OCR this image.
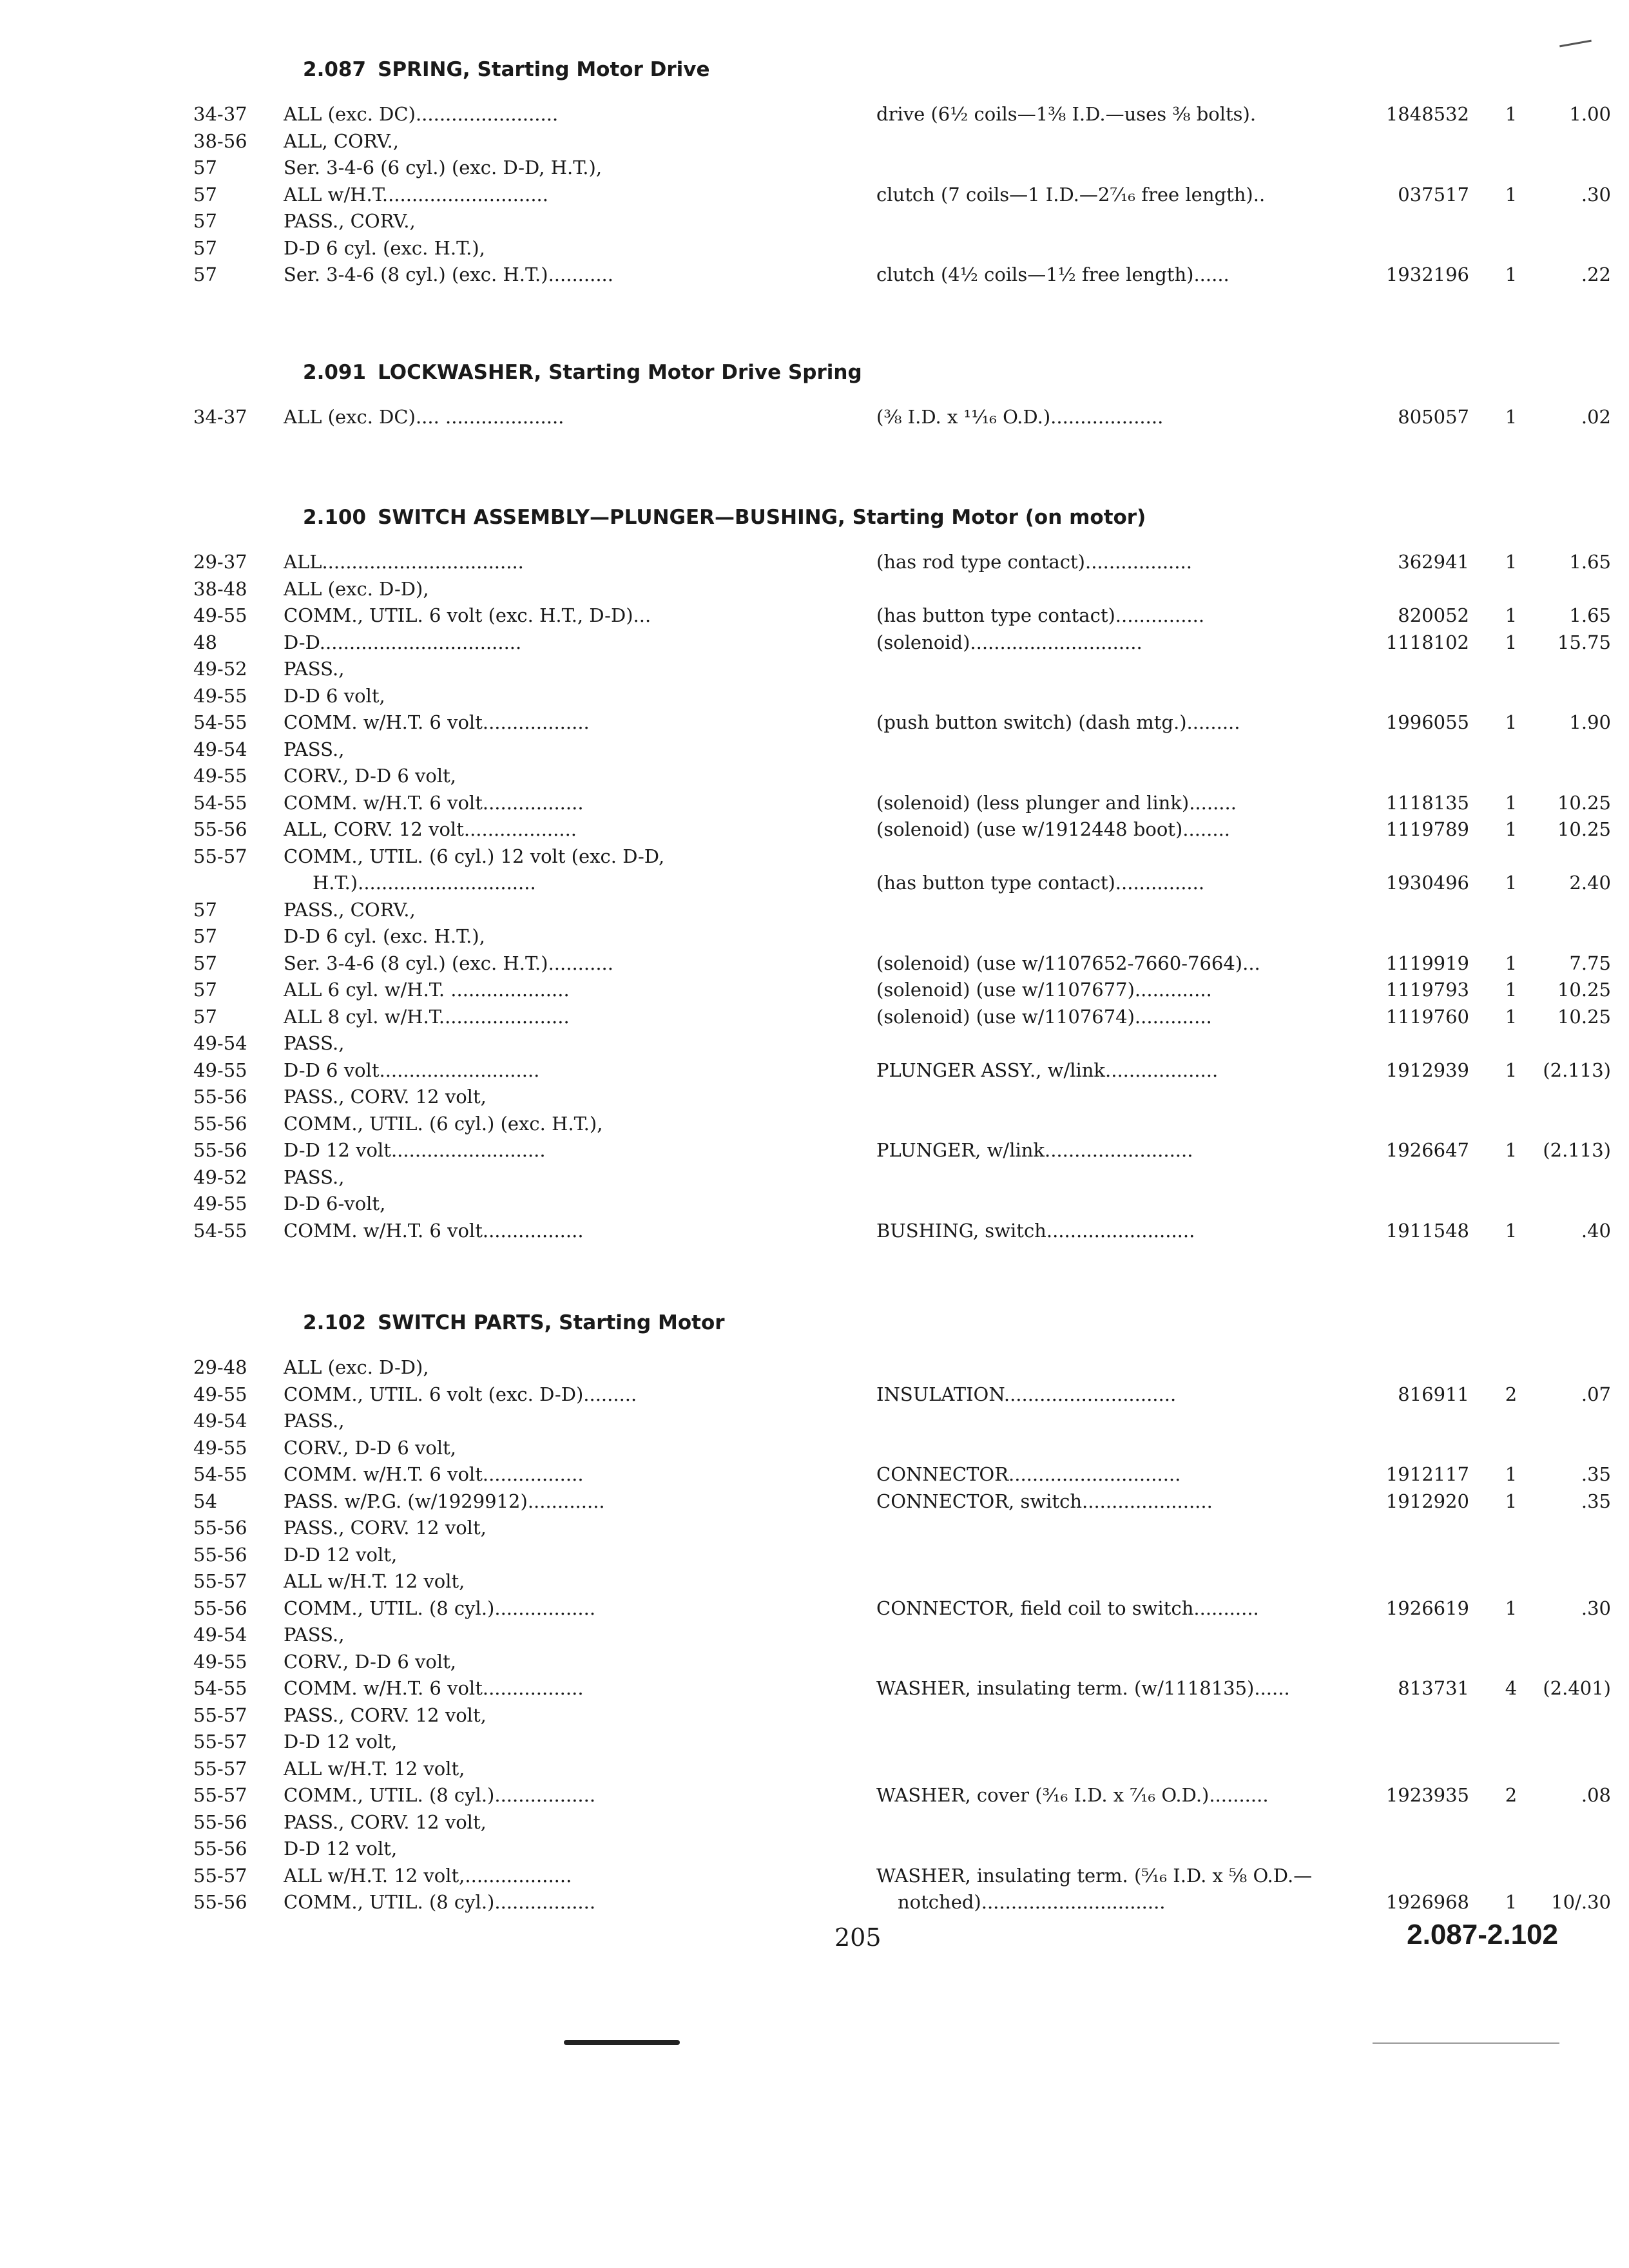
2.087 SPRING, Starting Motor Drive
34-37	ALL (exc. DC)........................	drive (6½ coils—1⅜ I.D.—uses ⅜ bolts).	1848532	1	1.00
38-56	ALL, CORV.,
57	Ser. 3-4-6 (6 cyl.) (exc. D-D, H.T.),
57	ALL w/H.T............................	clutch (7 coils—1 I.D.—2⁷⁄₁₆ free length)..	037517	1	.30
57	PASS., CORV.,
57	D-D 6 cyl. (exc. H.T.),
57	Ser. 3-4-6 (8 cyl.) (exc. H.T.)...........	clutch (4½ coils—1½ free length)......	1932196	1	.22
2.091 LOCKWASHER, Starting Motor Drive Spring
34-37	ALL (exc. DC).... ....................	(⅜ I.D. x ¹¹⁄₁₆ O.D.)...................	805057	1	.02
2.100 SWITCH ASSEMBLY—PLUNGER—BUSHING, Starting Motor (on motor)
29-37	ALL..................................	(has rod type contact)..................	362941	1	1.65
38-48	ALL (exc. D-D),
49-55	COMM., UTIL. 6 volt (exc. H.T., D-D)...	(has button type contact)...............	820052	1	1.65
48	D-D..................................	(solenoid).............................	1118102	1	15.75
49-52	PASS.,
49-55	D-D 6 volt,
54-55	COMM. w/H.T. 6 volt..................	(push button switch) (dash mtg.).........	1996055	1	1.90
49-54	PASS.,
49-55	CORV., D-D 6 volt,
54-55	COMM. w/H.T. 6 volt.................	(solenoid) (less plunger and link)........	1118135	1	10.25
55-56	ALL, CORV. 12 volt...................	(solenoid) (use w/1912448 boot)........	1119789	1	10.25
55-57	COMM., UTIL. (6 cyl.) 12 volt (exc. D-D,
H.T.)..............................	(has button type contact)...............	1930496	1	2.40
57	PASS., CORV.,
57	D-D 6 cyl. (exc. H.T.),
57	Ser. 3-4-6 (8 cyl.) (exc. H.T.)...........	(solenoid) (use w/1107652-7660-7664)...	1119919	1	7.75
57	ALL 6 cyl. w/H.T. ....................	(solenoid) (use w/1107677).............	1119793	1	10.25
57	ALL 8 cyl. w/H.T......................	(solenoid) (use w/1107674).............	1119760	1	10.25
49-54	PASS.,
49-55	D-D 6 volt...........................	PLUNGER ASSY., w/link...................	1912939	1	(2.113)
55-56	PASS., CORV. 12 volt,
55-56	COMM., UTIL. (6 cyl.) (exc. H.T.),
55-56	D-D 12 volt..........................	PLUNGER, w/link.........................	1926647	1	(2.113)
49-52	PASS.,
49-55	D-D 6-volt,
54-55	COMM. w/H.T. 6 volt.................	BUSHING, switch.........................	1911548	1	.40
2.102 SWITCH PARTS, Starting Motor
29-48	ALL (exc. D-D),
49-55	COMM., UTIL. 6 volt (exc. D-D).........	INSULATION.............................	816911	2	.07
49-54	PASS.,
49-55	CORV., D-D 6 volt,
54-55	COMM. w/H.T. 6 volt.................	CONNECTOR.............................	1912117	1	.35
54	PASS. w/P.G. (w/1929912).............	CONNECTOR, switch......................	1912920	1	.35
55-56	PASS., CORV. 12 volt,
55-56	D-D 12 volt,
55-57	ALL w/H.T. 12 volt,
55-56	COMM., UTIL. (8 cyl.).................	CONNECTOR, field coil to switch...........	1926619	1	.30
49-54	PASS.,
49-55	CORV., D-D 6 volt,
54-55	COMM. w/H.T. 6 volt.................	WASHER, insulating term. (w/1118135)......	813731	4	(2.401)
55-57	PASS., CORV. 12 volt,
55-57	D-D 12 volt,
55-57	ALL w/H.T. 12 volt,
55-57	COMM., UTIL. (8 cyl.).................	WASHER, cover (³⁄₁₆ I.D. x ⁷⁄₁₆ O.D.)..........	1923935	2	.08
55-56	PASS., CORV. 12 volt,
55-56	D-D 12 volt,
55-57	ALL w/H.T. 12 volt,..................	WASHER, insulating term. (⁵⁄₁₆ I.D. x ⅝ O.D.—
55-56	COMM., UTIL. (8 cyl.).................	notched)...............................	1926968	1	10/.30
205	2.087-2.102
